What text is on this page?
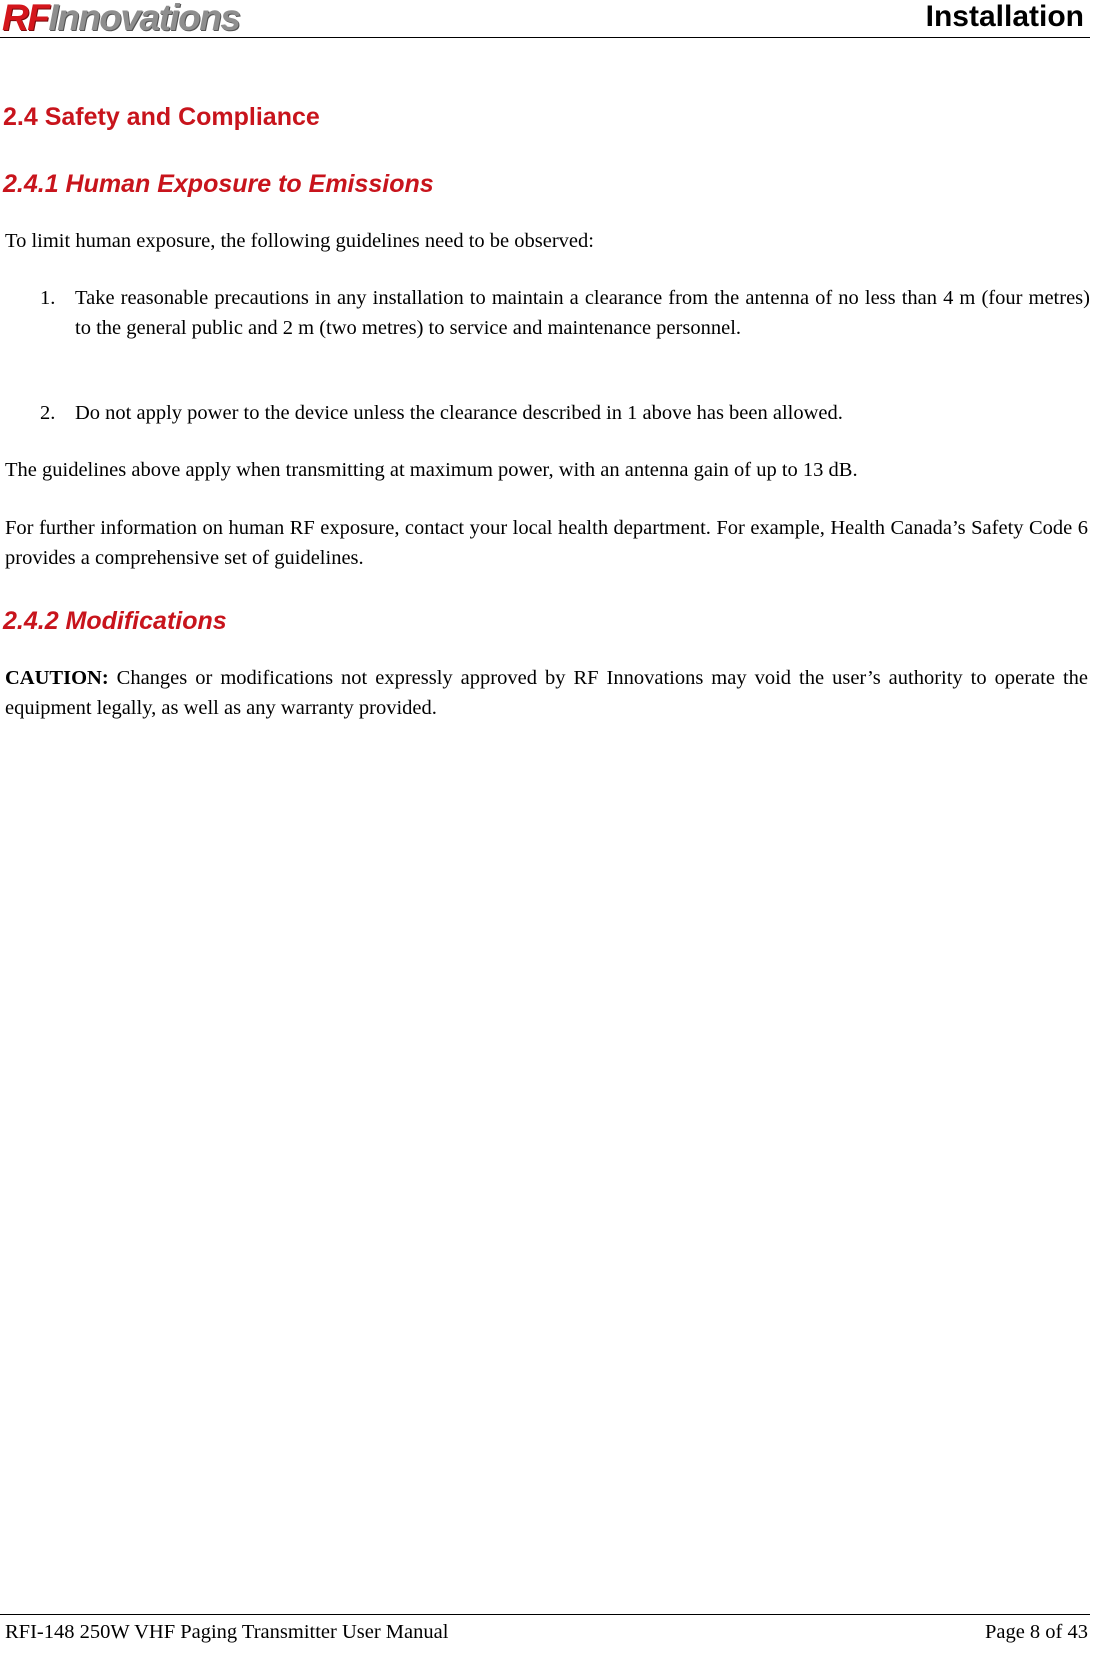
RFInnovations	Installation
2.4 Safety and Compliance
2.4.1 Human Exposure to Emissions

To limit human exposure, the following guidelines need to be observed:

1. Take reasonable precautions in any installation to maintain a clearance from the antenna of no less than 4 m (four metres) to the general public and 2 m (two metres) to service and maintenance personnel.
2. Do not apply power to the device unless the clearance described in 1 above has been allowed.

The guidelines above apply when transmitting at maximum power, with an antenna gain of up to 13 dB.

For further information on human RF exposure, contact your local health department. For example, Health Canada’s Safety Code 6 provides a comprehensive set of guidelines.

2.4.2 Modifications

CAUTION: Changes or modifications not expressly approved by RF Innovations may void the user’s authority to operate the equipment legally, as well as any warranty provided.

RFI-148 250W VHF Paging Transmitter User Manual	Page 8 of 43
